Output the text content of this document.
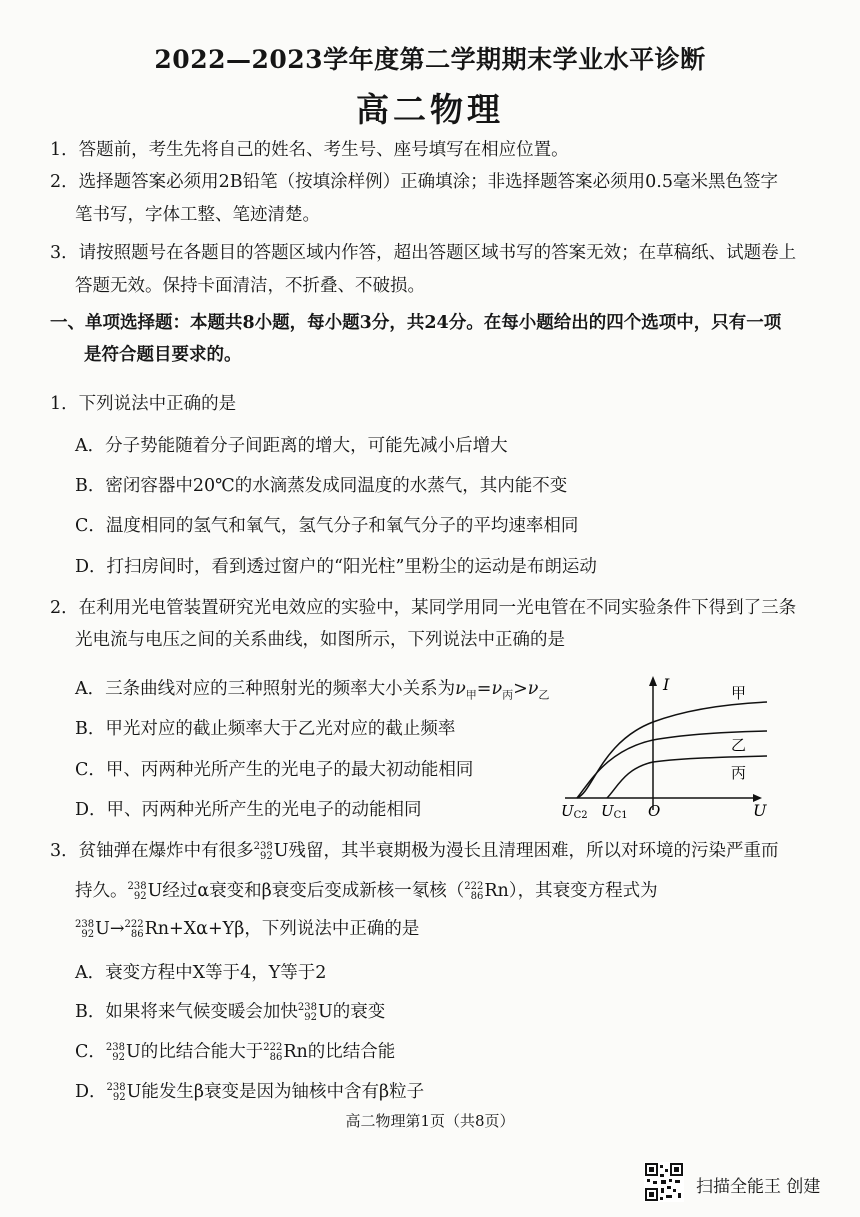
2022—2023学年度第二学期期末学业水平诊断
高二物理
1．答题前，考生先将自己的姓名、考生号、座号填写在相应位置。
2．选择题答案必须用2B铅笔（按填涂样例）正确填涂；非选择题答案必须用0.5毫米黑色签字
笔书写，字体工整、笔迹清楚。
3．请按照题号在各题目的答题区域内作答，超出答题区域书写的答案无效；在草稿纸、试题卷上
答题无效。保持卡面清洁，不折叠、不破损。
一、单项选择题：本题共8小题，每小题3分，共24分。在每小题给出的四个选项中，只有一项
是符合题目要求的。
1．下列说法中正确的是
A．分子势能随着分子间距离的增大，可能先减小后增大
B．密闭容器中20℃的水滴蒸发成同温度的水蒸气，其内能不变
C．温度相同的氢气和氧气，氢气分子和氧气分子的平均速率相同
D．打扫房间时，看到透过窗户的“阳光柱”里粉尘的运动是布朗运动
2．在利用光电管装置研究光电效应的实验中，某同学用同一光电管在不同实验条件下得到了三条
光电流与电压之间的关系曲线，如图所示，下列说法中正确的是
A．三条曲线对应的三种照射光的频率大小关系为$\nu_甲=\nu_丙>\nu_乙$
B．甲光对应的截止频率大于乙光对应的截止频率
C．甲、丙两种光所产生的光电子的最大初动能相同
D．甲、丙两种光所产生的光电子的动能相同
I
U
O
UC2 UC1
甲
乙
丙
3．贫铀弹在爆炸中有很多 238
92 U残留，其半衰期极为漫长且清理困难，所以对环境的污染严重而
持久。 238
92 U经过α衰变和β衰变后变成新核一氡核（ 222
86 Rn），其衰变方程式为
238
92 U→ 222
86 Rn+Xα+Yβ，下列说法中正确的是
A．衰变方程中X等于4，Y等于2
B．如果将来气候变暖会加快 238
92 U的衰变
C． 238
92 U的比结合能大于 222
86 Rn的比结合能
D． 238
92 U能发生β衰变是因为铀核中含有β粒子
高二物理第1页（共8页）
扫描全能王 创建
